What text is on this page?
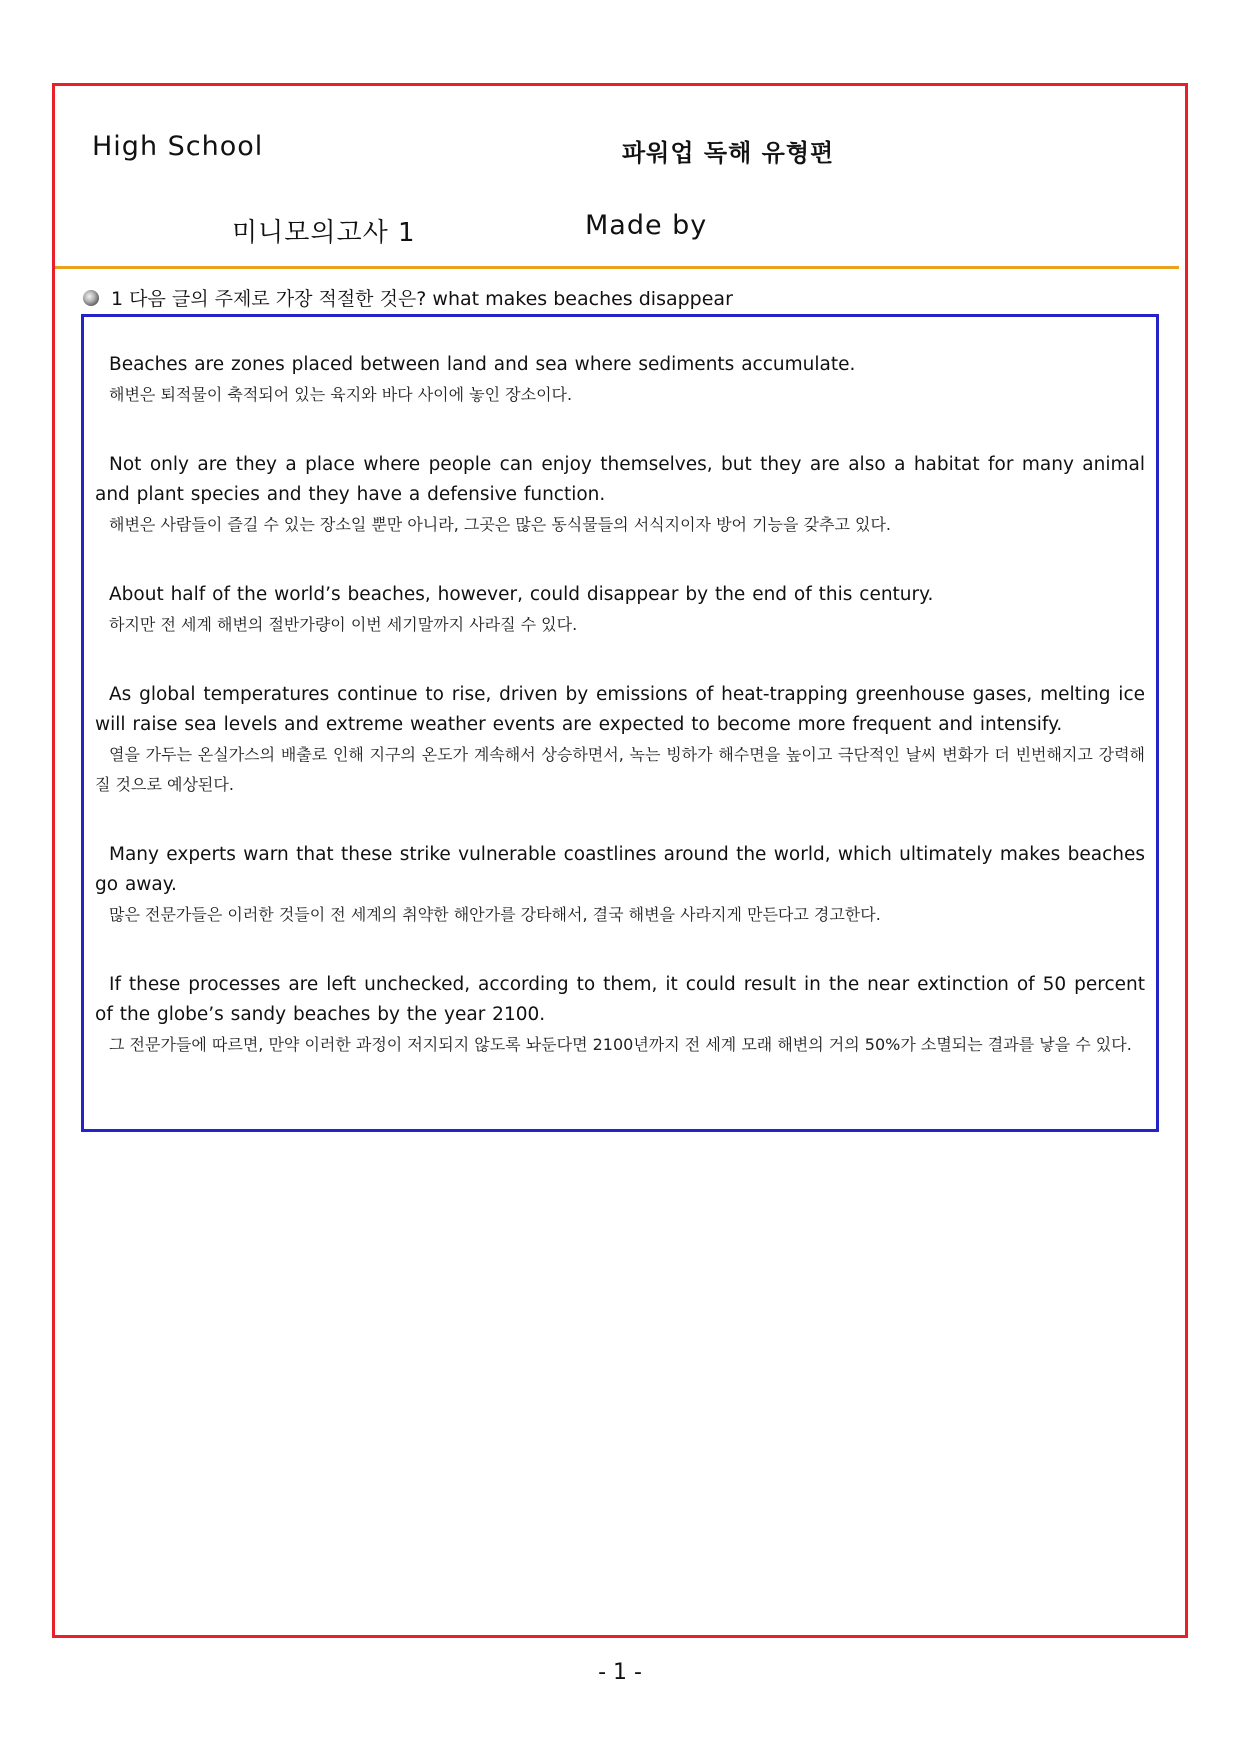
High School	파워업 독해 유형편
미니모의고사 1	Made by
1 다음 글의 주제로 가장 적절한 것은? what makes beaches disappear

Beaches are zones placed between land and sea where sediments accumulate.

해변은 퇴적물이 축적되어 있는 육지와 바다 사이에 놓인 장소이다.

Not only are they a place where people can enjoy themselves, but they are also a habitat for many animal and plant species and they have a defensive function.

해변은 사람들이 즐길 수 있는 장소일 뿐만 아니라, 그곳은 많은 동식물들의 서식지이자 방어 기능을 갖추고 있다.

About half of the world’s beaches, however, could disappear by the end of this century.

하지만 전 세계 해변의 절반가량이 이번 세기말까지 사라질 수 있다.

As global temperatures continue to rise, driven by emissions of heat-trapping greenhouse gases, melting ice will raise sea levels and extreme weather events are expected to become more frequent and intensify.

열을 가두는 온실가스의 배출로 인해 지구의 온도가 계속해서 상승하면서, 녹는 빙하가 해수면을 높이고 극단적인 날씨 변화가 더 빈번해지고 강력해질 것으로 예상된다.

Many experts warn that these strike vulnerable coastlines around the world, which ultimately makes beaches go away.

많은 전문가들은 이러한 것들이 전 세계의 취약한 해안가를 강타해서, 결국 해변을 사라지게 만든다고 경고한다.

If these processes are left unchecked, according to them, it could result in the near extinction of 50 percent of the globe’s sandy beaches by the year 2100.

그 전문가들에 따르면, 만약 이러한 과정이 저지되지 않도록 놔둔다면 2100년까지 전 세계 모래 해변의 거의 50%가 소멸되는 결과를 낳을 수 있다.

- 1 -
